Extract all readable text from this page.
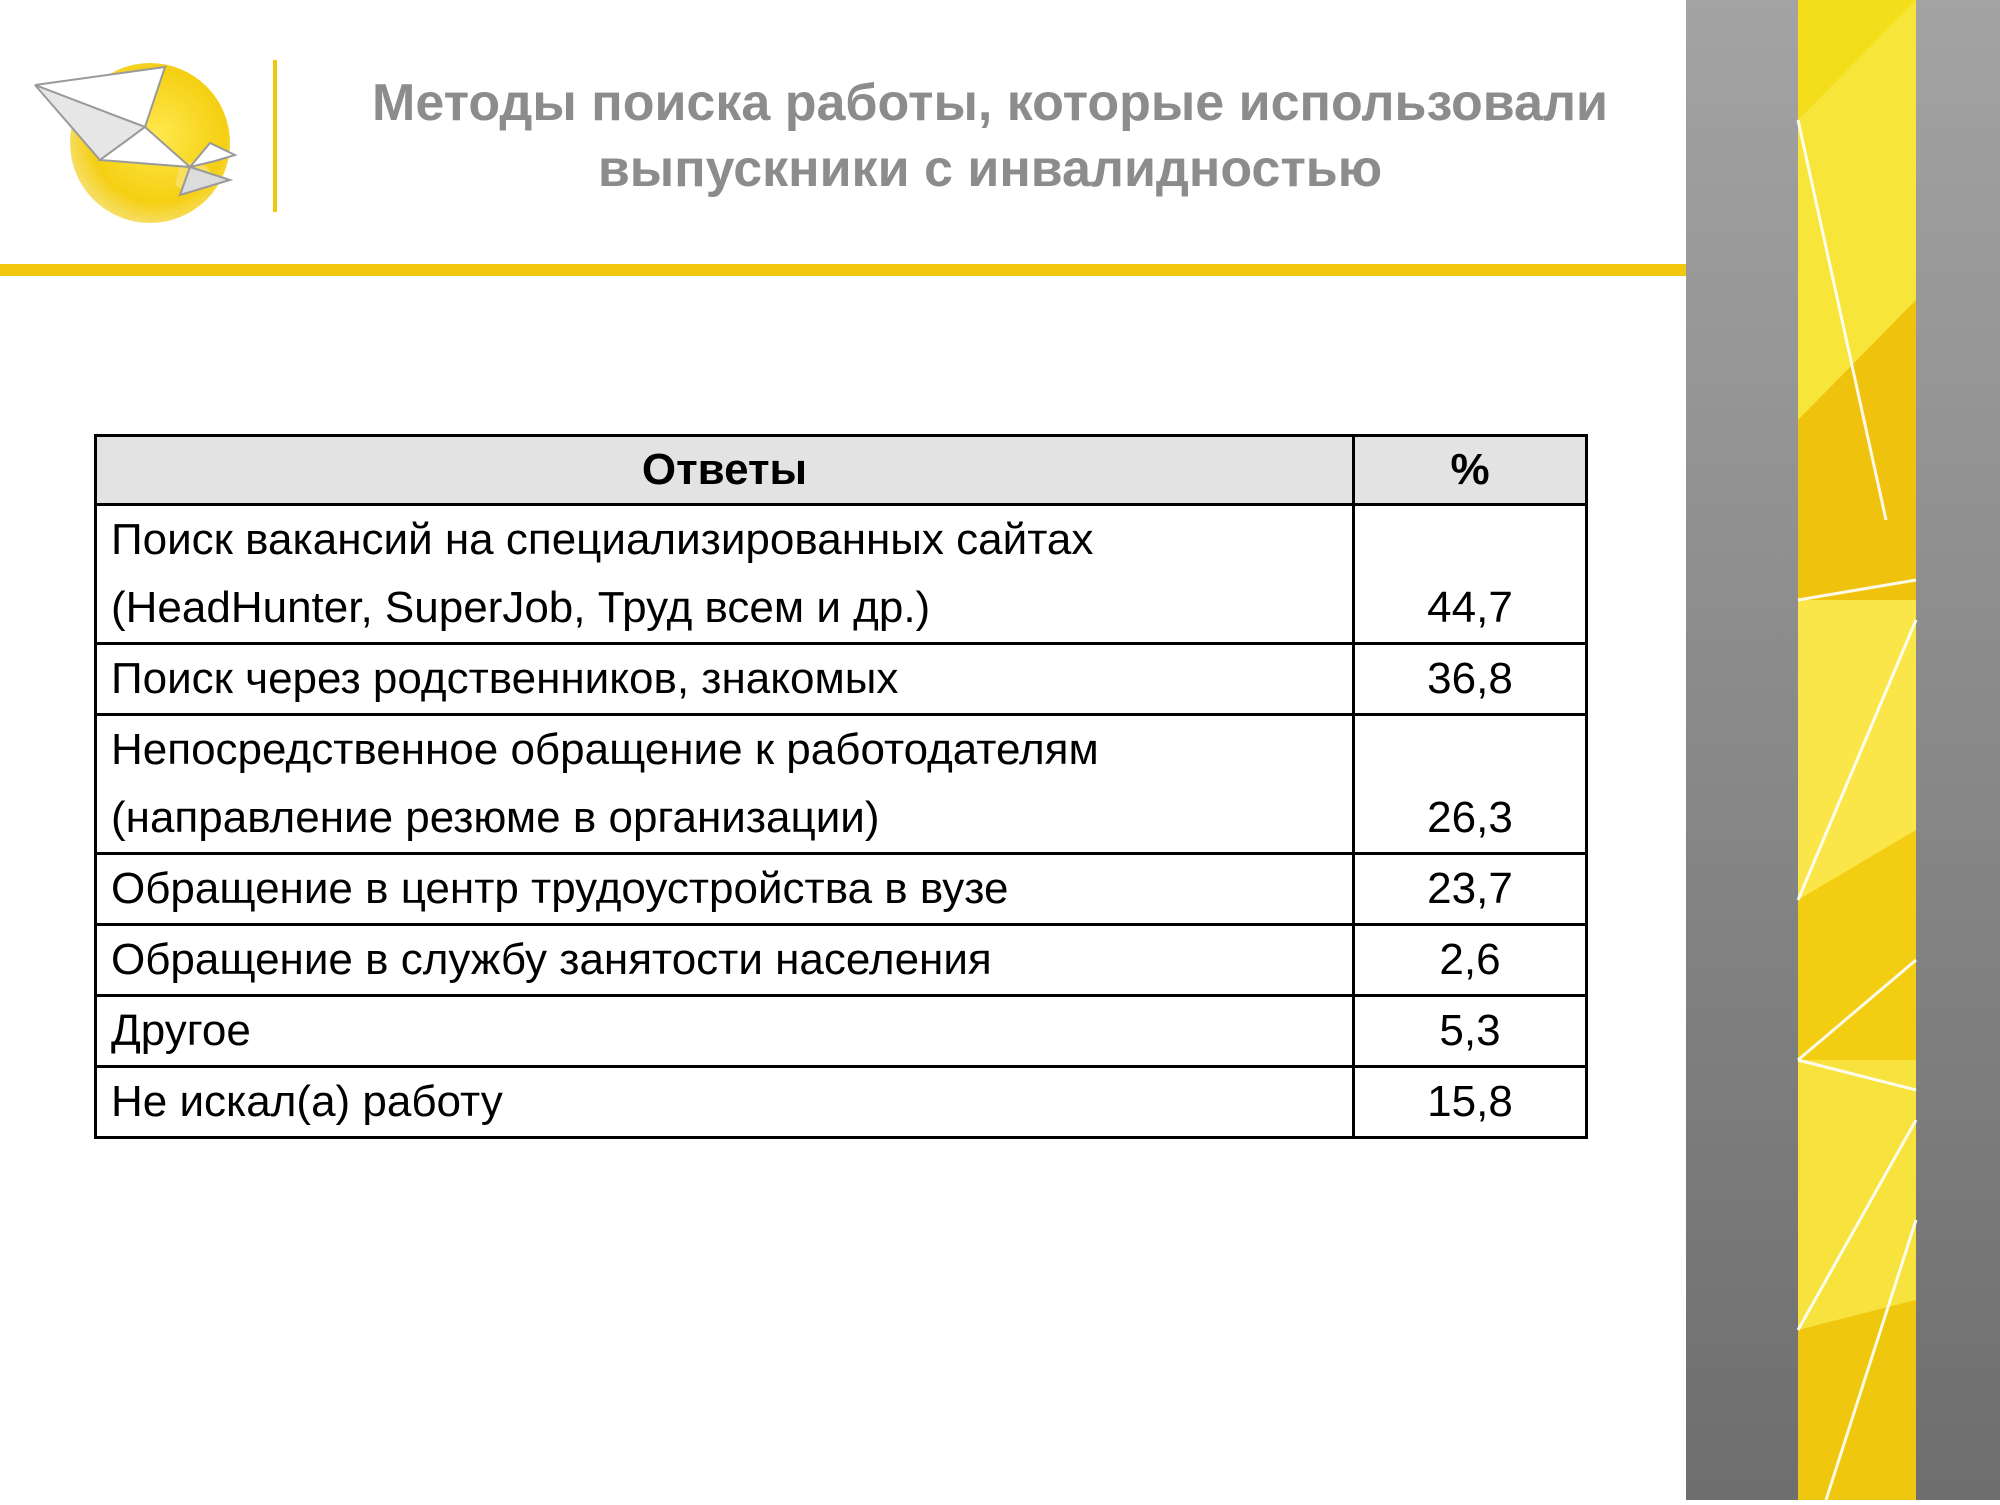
Методы поиска работы, которые использовали
выпускники с инвалидностью
Ответы	%

Поиск вакансий на специализированных сайтах
(HeadHunter, SuperJob, Труд всем и др.)	44,7

Поиск через родственников, знакомых	36,8

Непосредственное обращение к работодателям
(направление резюме в организации)	26,3

Обращение в центр трудоустройства в вузе	23,7

Обращение в службу занятости населения	2,6

Другое	5,3

Не искал(а) работу	15,8
